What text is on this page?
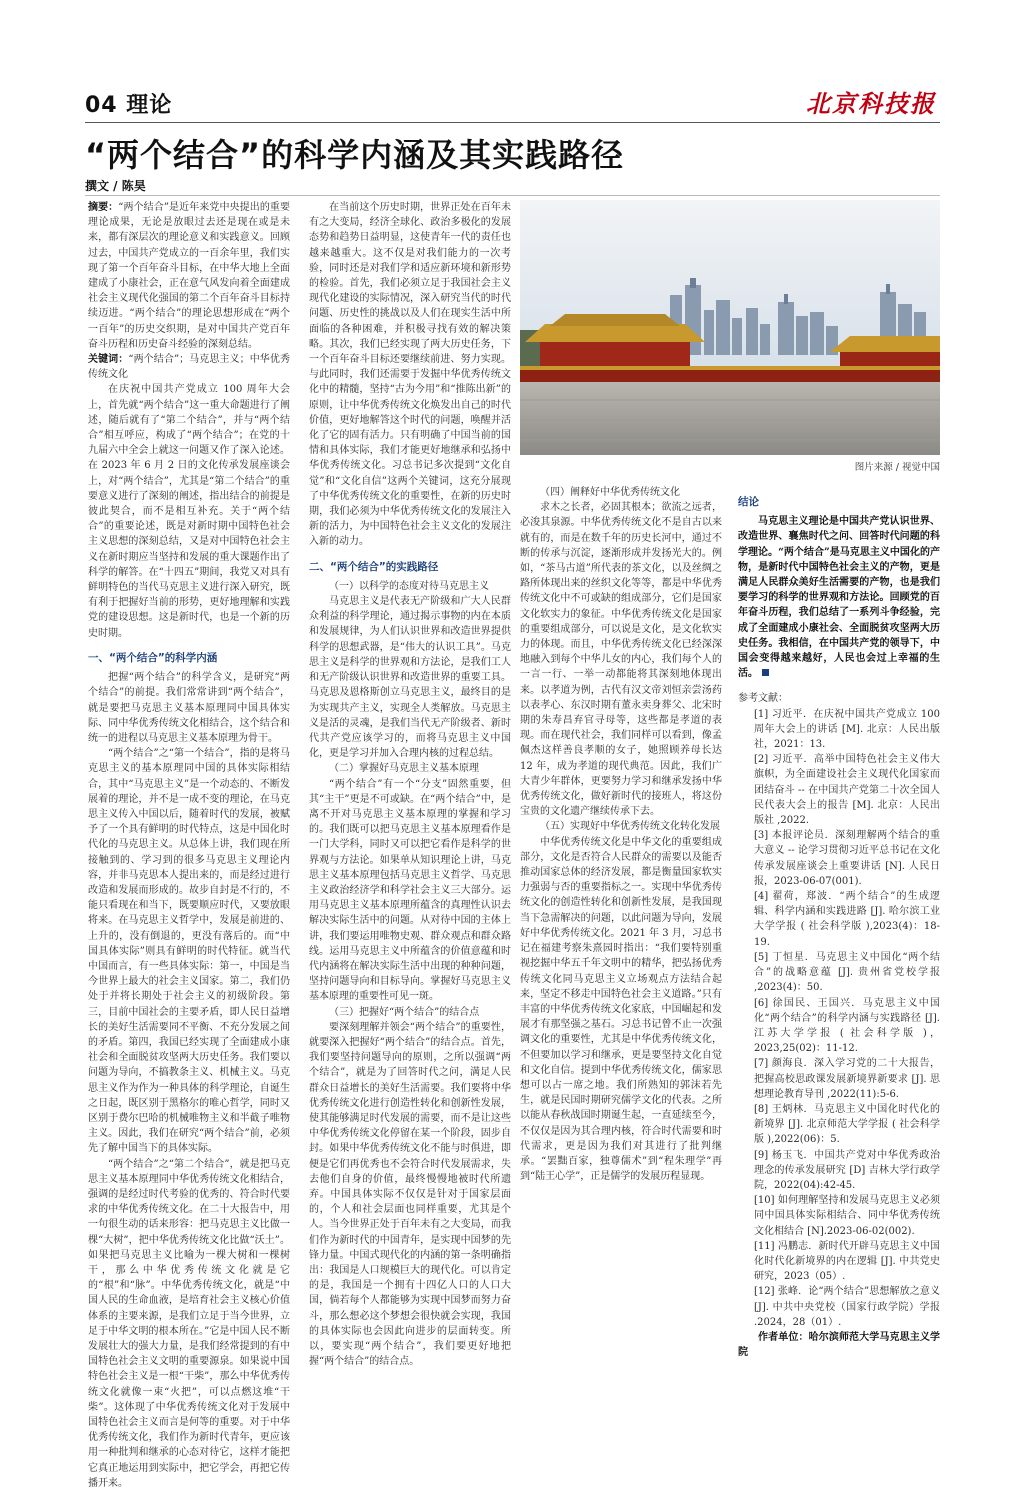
04 理论	北京科技报
“两个结合”的科学内涵及其实践路径
撰文 / 陈昊

摘要：“两个结合”是近年来党中央提出的重要理论成果，无论是放眼过去还是现在或是未来，都有深层次的理论意义和实践意义。回顾过去，中国共产党成立的一百余年里，我们实现了第一个百年奋斗目标，在中华大地上全面建成了小康社会，正在意气风发向着全面建成社会主义现代化强国的第二个百年奋斗目标持续迈进。“两个结合”的理论思想形成在“两个一百年”的历史交织期，是对中国共产党百年奋斗历程和历史奋斗经验的深刻总结。

关键词：“两个结合”；马克思主义；中华优秀传统文化

在庆祝中国共产党成立 100 周年大会上，首先就“两个结合”这一重大命题进行了阐述，随后就有了“第二个结合”，并与“两个结合”相互呼应，构成了“两个结合”；在党的十九届六中全会上就这一问题又作了深入论述。在 2023 年 6 月 2 日的文化传承发展座谈会上，对“两个结合”，尤其是“第二个结合”的重要意义进行了深刻的阐述，指出结合的前提是彼此契合，而不是相互补充。关于“两个结合”的重要论述，既是对新时期中国特色社会主义思想的深刻总结，又是对中国特色社会主义在新时期应当坚持和发展的重大课题作出了科学的解答。在“十四五”期间，我党又对具有鲜明特色的当代马克思主义进行深入研究，既有利于把握好当前的形势，更好地理解和实践党的建设思想。这是新时代，也是一个新的历史时期。

一、“两个结合”的科学内涵

把握“两个结合”的科学含义，是研究“两个结合”的前提。我们常常讲到“两个结合”，就是要把马克思主义基本原理同中国具体实际、同中华优秀传统文化相结合，这个结合和统一的进程以马克思主义基本原理为骨干。

“两个结合”之“第一个结合”，指的是将马克思主义的基本原理同中国的具体实际相结合，其中“马克思主义”是一个动态的、不断发展着的理论，并不是一成不变的理论，在马克思主义传入中国以后，随着时代的发展，被赋予了一个具有鲜明的时代特点，这是中国化时代化的马克思主义。从总体上讲，我们现在所接触到的、学习到的很多马克思主义理论内容，并非马克思本人提出来的，而是经过进行改造和发展而形成的。故步自封是不行的，不能只看现在和当下，既要顺应时代，又要放眼将来。在马克思主义哲学中，发展是前进的、上升的，没有倒退的，更没有落后的。而“中国具体实际”则具有鲜明的时代特征。就当代中国而言，有一些具体实际：第一，中国是当今世界上最大的社会主义国家。第二，我们仍处于并将长期处于社会主义的初级阶段。第三，目前中国社会的主要矛盾，即人民日益增长的美好生活需要同不平衡、不充分发展之间的矛盾。第四，我国已经实现了全面建成小康社会和全面脱贫攻坚两大历史任务。我们要以问题为导向，不搞教条主义、机械主义。马克思主义作为作为一种具体的科学理论，自诞生之日起，既区别于黑格尔的唯心哲学，同时又区别于费尔巴哈的机械唯物主义和半截子唯物主义。因此，我们在研究“两个结合”前，必须先了解中国当下的具体实际。

“两个结合”之“第二个结合”，就是把马克思主义基本原理同中华优秀传统文化相结合，强调的是经过时代考验的优秀的、符合时代要求的中华优秀传统文化。在二十大报告中，用一句很生动的话来形容：把马克思主义比做一棵“大树”，把中华优秀传统文化比做“沃土”。如果把马克思主义比喻为一棵大树和一棵树干，那么中华优秀传统文化就是它的“根”和“脉”。中华优秀传统文化，就是“中国人民的生命血液，是培育社会主义核心价值体系的主要来源，是我们立足于当今世界，立足于中华文明的根本所在。”它是中国人民不断发展壮大的强大力量，是我们经常提到的有中国特色社会主义文明的重要源泉。如果说中国特色社会主义是一根“干柴”，那么中华优秀传统文化就像一束“火把”，可以点燃这堆“干柴”。这体现了中华优秀传统文化对于发展中国特色社会主义而言是何等的重要。对于中华优秀传统文化，我们作为新时代青年，更应该用一种批判和继承的心态对待它，这样才能把它真正地运用到实际中，把它学会，再把它传播开来。

在当前这个历史时期，世界正处在百年未有之大变局，经济全球化、政治多极化的发展态势和趋势日益明显，这使青年一代的责任也越来越重大。这不仅是对我们能力的一次考验，同时还是对我们学和适应新环境和新形势的检验。首先，我们必须立足于我国社会主义现代化建设的实际情况，深入研究当代的时代问题、历史性的挑战以及人们在现实生活中所面临的各种困难，并积极寻找有效的解决策略。其次，我们已经实现了两大历史任务，下一个百年奋斗目标还要继续前进、努力实现。与此同时，我们还需要于发掘中华优秀传统文化中的精髓，坚持“古为今用”和“推陈出新”的原则，让中华优秀传统文化焕发出自己的时代价值，更好地解答这个时代的问题，唤醒并活化了它的固有活力。只有明确了中国当前的国情和具体实际，我们才能更好地继承和弘扬中华优秀传统文化。习总书记多次提到“文化自觉”和“文化自信”这两个关键词，这充分展现了中华优秀传统文化的重要性，在新的历史时期，我们必须为中华优秀传统文化的发展注入新的活力，为中国特色社会主义文化的发展注入新的动力。

二、“两个结合”的实践路径

（一）以科学的态度对待马克思主义

马克思主义是代表无产阶级和广大人民群众利益的科学理论，通过揭示事物的内在本质和发展规律，为人们认识世界和改造世界提供科学的思想武器，是“伟大的认识工具”。马克思主义是科学的世界观和方法论，是我们工人和无产阶级认识世界和改造世界的重要工具。马克思及恩格斯创立马克思主义，最终目的是为实现共产主义，实现全人类解放。马克思主义是活的灵魂，是我们当代无产阶级者、新时代共产党应该学习的，而将马克思主义中国化，更是学习并加入合理内核的过程总结。

（二）掌握好马克思主义基本原理

“两个结合”有一个“分支”固然重要，但其“主干”更是不可或缺。在“两个结合”中，是离不开对马克思主义基本原理的掌握和学习的。我们既可以把马克思主义基本原理看作是一门大学科，同时又可以把它看作是科学的世界观与方法论。如果单从知识理论上讲，马克思主义基本原理包括马克思主义哲学、马克思主义政治经济学和科学社会主义三大部分。运用马克思主义基本原理所蕴含的真理性认识去解决实际生活中的问题。从对待中国的主体上讲，我们要运用唯物史观、群众观点和群众路线。运用马克思主义中所蕴含的价值意蕴和时代内涵将在解决实际生活中出现的种种问题，坚持问题导向和目标导向。掌握好马克思主义基本原理的重要性可见一斑。

（三）把握好“两个结合”的结合点

要深刻理解并领会“两个结合”的重要性，就要深入把握好“两个结合”的结合点。首先，我们要坚持问题导向的原则，之所以强调“两个结合”，就是为了回答时代之问，满足人民群众日益增长的美好生活需要。我们要将中华优秀传统文化进行创造性转化和创新性发展，使其能够满足时代发展的需要，而不是让这些中华优秀传统文化停留在某一个阶段，固步自封。如果中华优秀传统文化不能与时俱进，即便是它们再优秀也不会符合时代发展需求，失去他们自身的价值，最终慢慢地被时代所遗弃。中国具体实际不仅仅是针对于国家层面的，个人和社会层面也同样重要，尤其是个人。当今世界正处于百年未有之大变局，而我们作为新时代的中国青年，是实现中国梦的先锋力量。中国式现代化的内涵的第一条明确指出：我国是人口规模巨大的现代化。可以肯定的是，我国是一个拥有十四亿人口的人口大国，倘若每个人都能够为实现中国梦而努力奋斗，那么想必这个梦想会很快就会实现，我国的具体实际也会因此向进步的层面转变。所以，要实现“两个结合”，我们要更好地把握“两个结合”的结合点。

图片来源 / 视觉中国

（四）阐释好中华优秀传统文化

求木之长者，必固其根本；欲流之远者，必浚其泉源。中华优秀传统文化不是自古以来就有的，而是在数千年的历史长河中，通过不断的传承与沉淀，逐渐形成并发扬光大的。例如，“茶马古道”所代表的茶文化，以及丝绸之路所体现出来的丝织文化等等，都是中华优秀传统文化中不可或缺的组成部分，它们是国家文化软实力的象征。中华优秀传统文化是国家的重要组成部分，可以说是文化，是文化软实力的体现。而且，中华优秀传统文化已经深深地融入到每个中华儿女的内心，我们每个人的一言一行、一举一动都能将其深刻地体现出来。以孝道为例，古代有汉文帝刘恒亲尝汤药以表孝心、东汉时期有董永卖身葬父、北宋时期的朱寿昌弃官寻母等，这些都是孝道的表现。而在现代社会，我们同样可以看到，像孟佩杰这样善良孝顺的女子，她照顾养母长达 12 年，成为孝道的现代典范。因此，我们广大青少年群体，更要努力学习和继承发扬中华优秀传统文化，做好新时代的接班人，将这份宝贵的文化遗产继续传承下去。

（五）实现好中华优秀传统文化转化发展

中华优秀传统文化是中华文化的重要组成部分，文化是否符合人民群众的需要以及能否推动国家总体的经济发展，都是衡量国家软实力强弱与否的重要指标之一。实现中华优秀传统文化的创造性转化和创新性发展，是我国现当下急需解决的问题，以此问题为导向，发展好中华优秀传统文化。2021 年 3 月，习总书记在福建考察朱熹园时指出：“我们要特别重视挖掘中华五千年文明中的精华，把弘扬优秀传统文化同马克思主义立场观点方法结合起来，坚定不移走中国特色社会主义道路。”只有丰富的中华优秀传统文化家底，中国崛起和发展才有那坚强之基石。习总书记曾不止一次强调文化的重要性，尤其是中华优秀传统文化，不但要加以学习和继承，更是要坚持文化自觉和文化自信。提到中华优秀传统文化，儒家思想可以占一席之地。我们所熟知的郭沫若先生，就是民国时期研究儒学文化的代表。之所以能从春秋战国时期诞生起，一直延续至今，不仅仅是因为其合理内核，符合时代需要和时代需求，更是因为我们对其进行了批判继承。“罢黜百家，独尊儒术”到“程朱理学”再到“陆王心学”，正是儒学的发展历程显现。

结论

马克思主义理论是中国共产党认识世界、改造世界、襄焦时代之问、回答时代问题的科学理论。“两个结合”是马克思主义中国化的产物，是新时代中国特色社会主义的产物，更是满足人民群众美好生活需要的产物，也是我们要学习的科学的世界观和方法论。回顾党的百年奋斗历程，我们总结了一系列斗争经验，完成了全面建成小康社会、全面脱贫攻坚两大历史任务。我相信，在中国共产党的领导下，中国会变得越来越好，人民也会过上幸福的生活。

参考文献：

[1] 习近平．在庆祝中国共产党成立 100 周年大会上的讲话 [M]. 北京：人民出版社，2021：13.

[2] 习近平．高举中国特色社会主义伟大旗帜，为全面建设社会主义现代化国家而团结奋斗 -- 在中国共产党第二十次全国人民代表大会上的报告 [M]. 北京：人民出版社 ,2022.

[3] 本报评论员．深刻理解两个结合的重大意义 -- 论学习贯彻习近平总书记在文化传承发展座谈会上重要讲话 [N]. 人民日报，2023-06-07(001).

[4] 翟荷，郑波．“两个结合”的生成逻辑、科学内涵和实践进路 [J]. 哈尔滨工业大学学报 ( 社会科学版 ),2023(4)：18-19.

[5] 丁恒星．马克思主义中国化“两个结合”的战略意蕴 [J]. 贵州省党校学报 ,2023(4)：50.

[6] 徐国民、王国兴．马克思主义中国化“两个结合”的科学内涵与实践路径 [J]. 江苏大学学报 ( 社会科学版 )，2023,25(02)：11-12.

[7] 颜海良．深入学习党的二十大报告，把握高校思政课发展新境界新要求 [J]. 思想理论教育导刊 ,2022(11):5-6.

[8] 王炳林．马克思主义中国化时代化的新境界 [J]. 北京师范大学学报 ( 社会科学版 ),2022(06)：5.

[9] 杨玉飞．中国共产党对中华优秀政治理念的传承发展研究 [D] 吉林大学行政学院，2022(04):42-45.

[10] 如何理解坚持和发展马克思主义必须同中国具体实际相结合、同中华优秀传统文化相结合 [N].2023-06-02(002).

[11] 冯鹏志．新时代开辟马克思主义中国化时代化新境界的内在逻辑 [J]. 中共党史研究，2023（05）.

[12] 张峰．论“两个结合”思想解放之意义 [J]. 中共中央党校（国家行政学院）学报 .2024，28（01）.

作者单位：哈尔滨师范大学马克思主义学院
